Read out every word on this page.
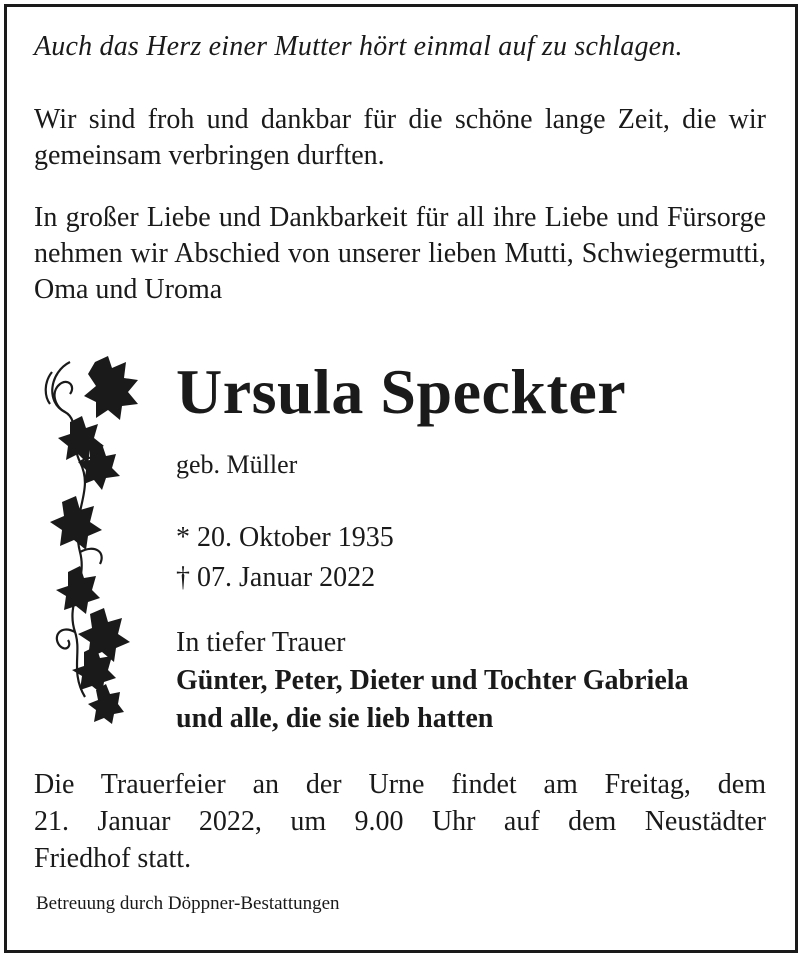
Auch das Herz einer Mutter hört einmal auf zu schlagen.
Wir sind froh und dankbar für die schöne lange Zeit, die wir gemeinsam verbringen durften.
In großer Liebe und Dankbarkeit für all ihre Liebe und Fürsorge nehmen wir Abschied von unserer lieben Mutti, Schwiegermutti, Oma und Uroma
Ursula Speckter
geb. Müller
* 20. Oktober 1935
† 07. Januar 2022
In tiefer Trauer
Günter, Peter, Dieter und Tochter Gabriela
und alle, die sie lieb hatten
Die Trauerfeier an der Urne findet am Freitag, dem
21. Januar 2022, um 9.00 Uhr auf dem Neustädter
Friedhof statt.
Betreuung durch Döppner-Bestattungen
